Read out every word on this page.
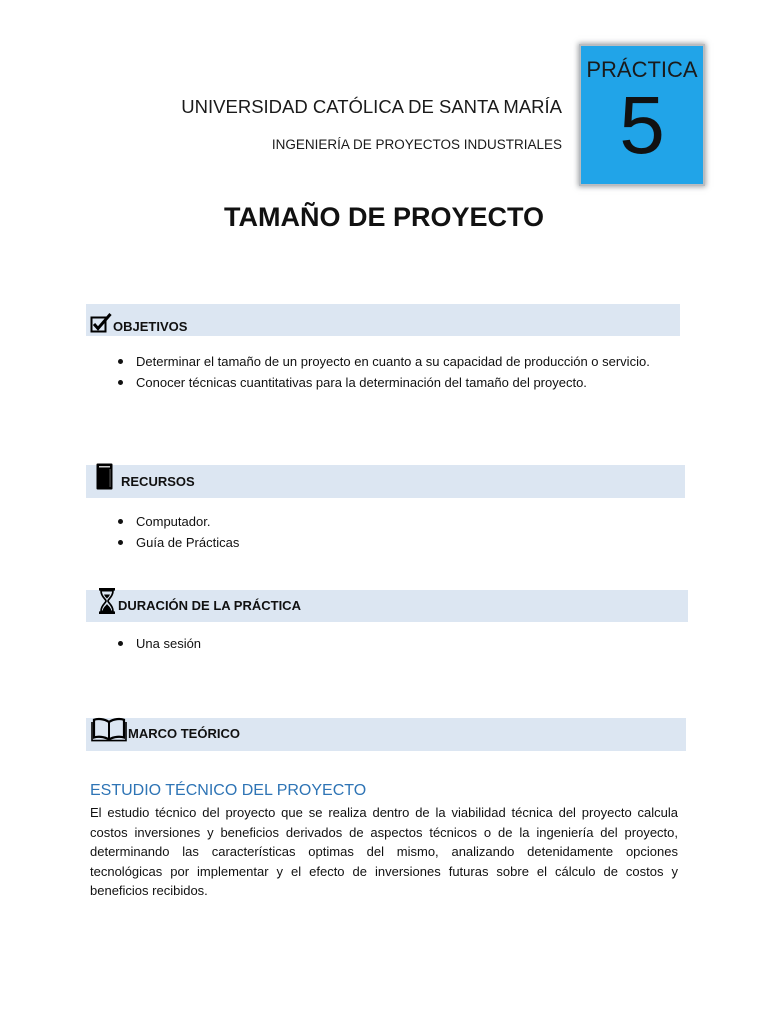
UNIVERSIDAD CATÓLICA DE SANTA MARÍA
INGENIERÍA DE PROYECTOS INDUSTRIALES
PRÁCTICA
5
TAMAÑO DE PROYECTO
OBJETIVOS
Determinar el tamaño de un proyecto en cuanto a su capacidad de producción o servicio.
Conocer técnicas cuantitativas para la determinación del tamaño del proyecto.
RECURSOS
Computador.
Guía de Prácticas
DURACIÓN DE LA PRÁCTICA
Una sesión
MARCO TEÓRICO
ESTUDIO TÉCNICO DEL PROYECTO
El estudio técnico del proyecto que se realiza dentro de la viabilidad técnica del proyecto calcula
costos inversiones y beneficios derivados de aspectos técnicos o de la ingeniería del proyecto,
determinando las características optimas del mismo, analizando detenidamente opciones
tecnológicas por implementar y el efecto de inversiones futuras sobre el cálculo de costos y
beneficios recibidos.
